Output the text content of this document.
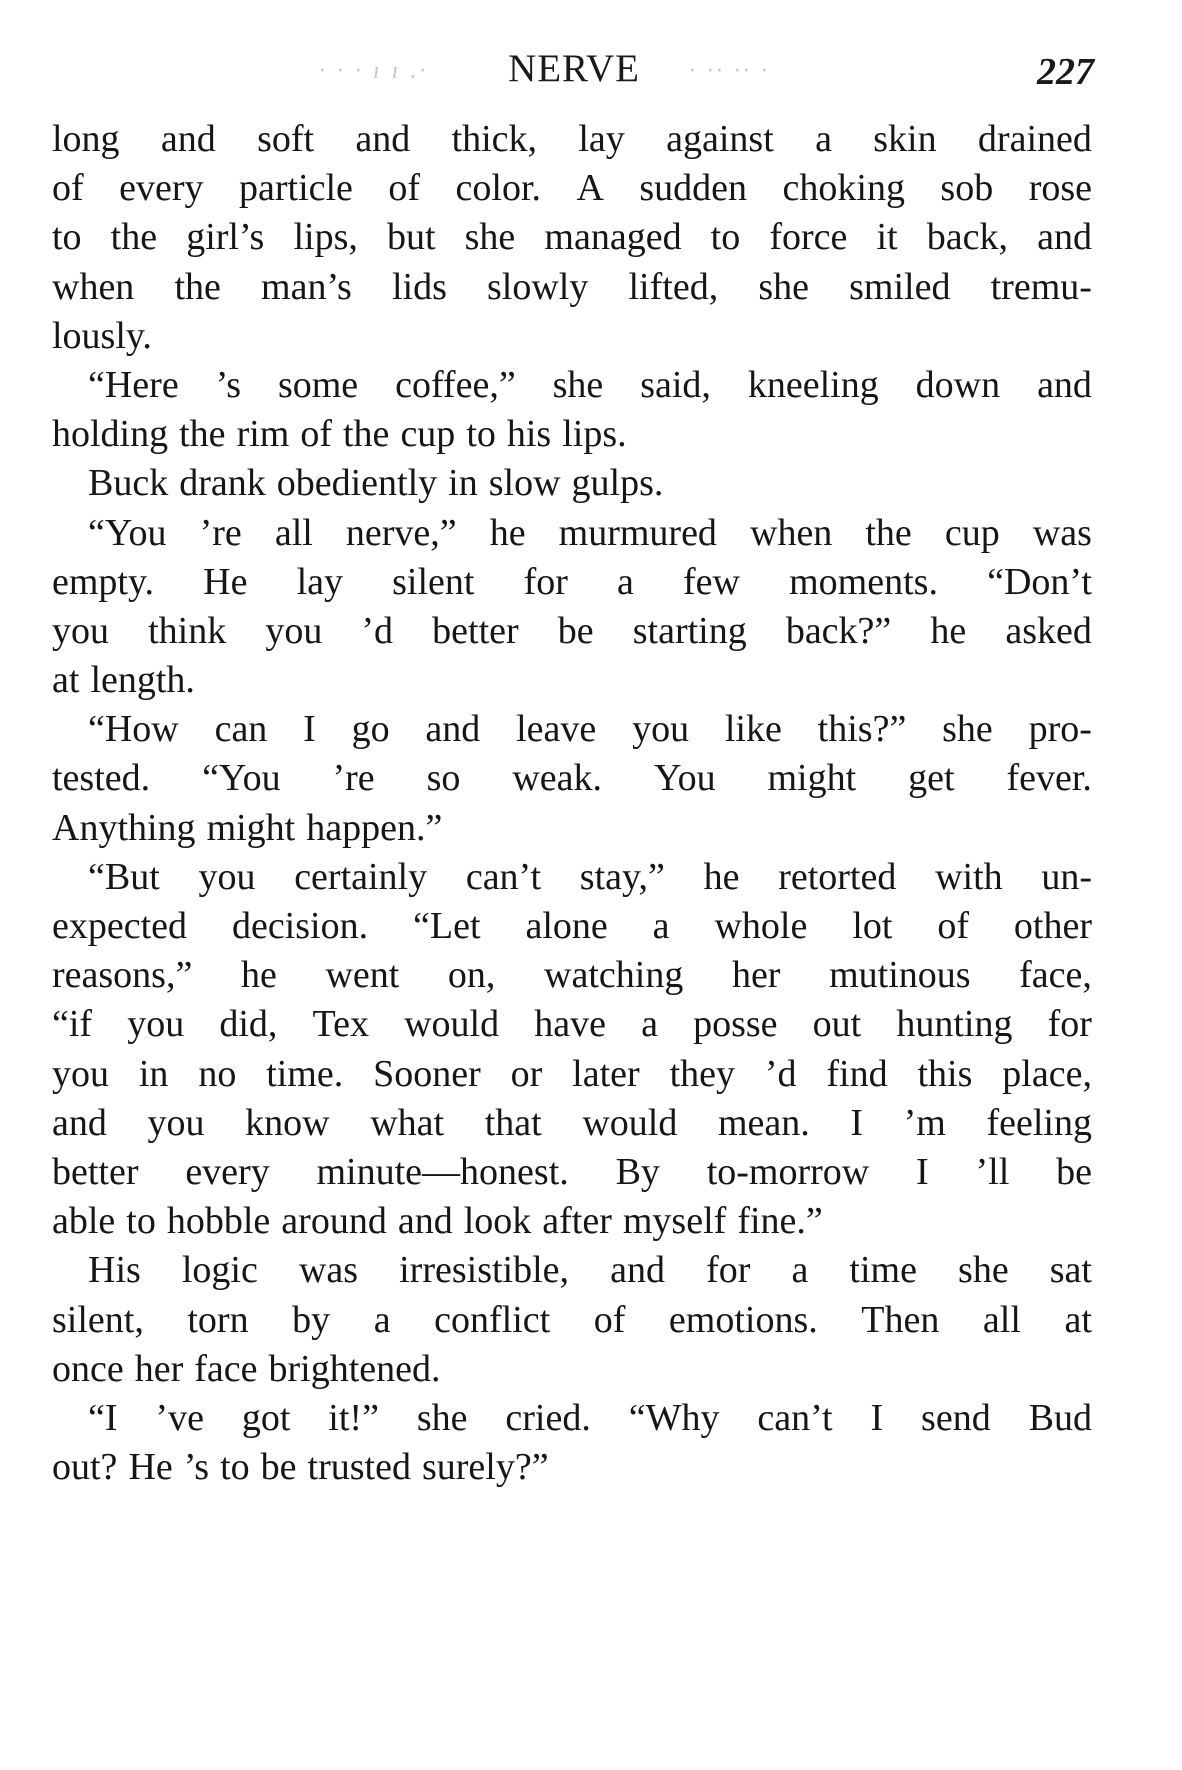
· · · ı ı .·	NERVE	· ·· ·· ·	227
long and soft and thick, lay against a skin drained
of every particle of color. A sudden choking sob rose
to the girl’s lips, but she managed to force it back, and
when the man’s lids slowly lifted, she smiled tremu-
lously.
“Here ’s some coffee,” she said, kneeling down and
holding the rim of the cup to his lips.
Buck drank obediently in slow gulps.
“You ’re all nerve,” he murmured when the cup was
empty. He lay silent for a few moments. “Don’t
you think you ’d better be starting back?” he asked
at length.
“How can I go and leave you like this?” she pro-
tested. “You ’re so weak. You might get fever.
Anything might happen.”
“But you certainly can’t stay,” he retorted with un-
expected decision. “Let alone a whole lot of other
reasons,” he went on, watching her mutinous face,
“if you did, Tex would have a posse out hunting for
you in no time. Sooner or later they ’d find this place,
and you know what that would mean. I ’m feeling
better every minute—honest. By to-morrow I ’ll be
able to hobble around and look after myself fine.”
His logic was irresistible, and for a time she sat
silent, torn by a conflict of emotions. Then all at
once her face brightened.
“I ’ve got it!” she cried. “Why can’t I send Bud
out? He ’s to be trusted surely?”
